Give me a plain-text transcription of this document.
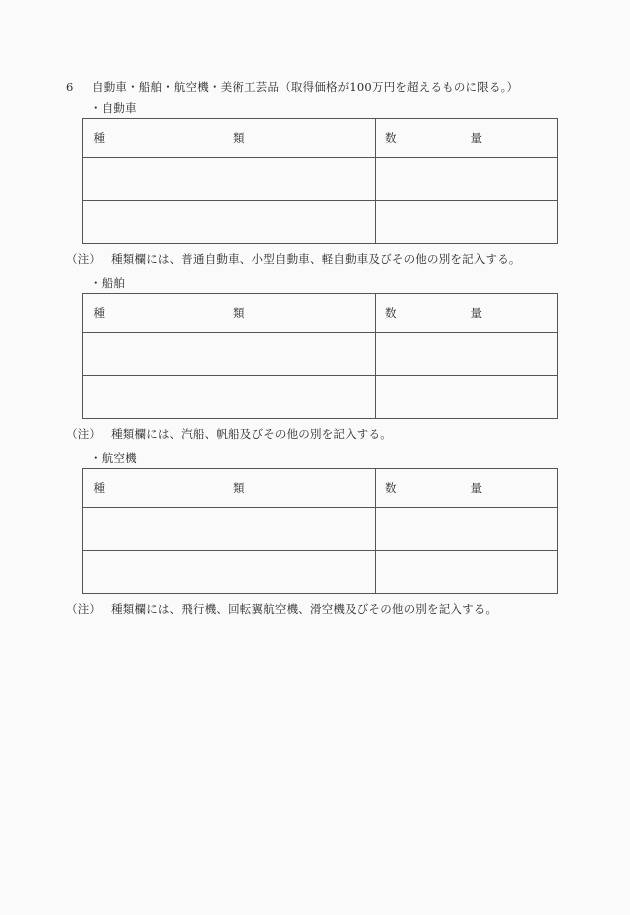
6 自動車・船舶・航空機・美術工芸品（取得価格が100万円を超えるものに限る。）
・自動車
種類	数量

（注） 種類欄には、普通自動車、小型自動車、軽自動車及びその他の別を記入する。
・船舶
種類	数量

（注） 種類欄には、汽船、帆船及びその他の別を記入する。
・航空機
種類	数量

（注） 種類欄には、飛行機、回転翼航空機、滑空機及びその他の別を記入する。
